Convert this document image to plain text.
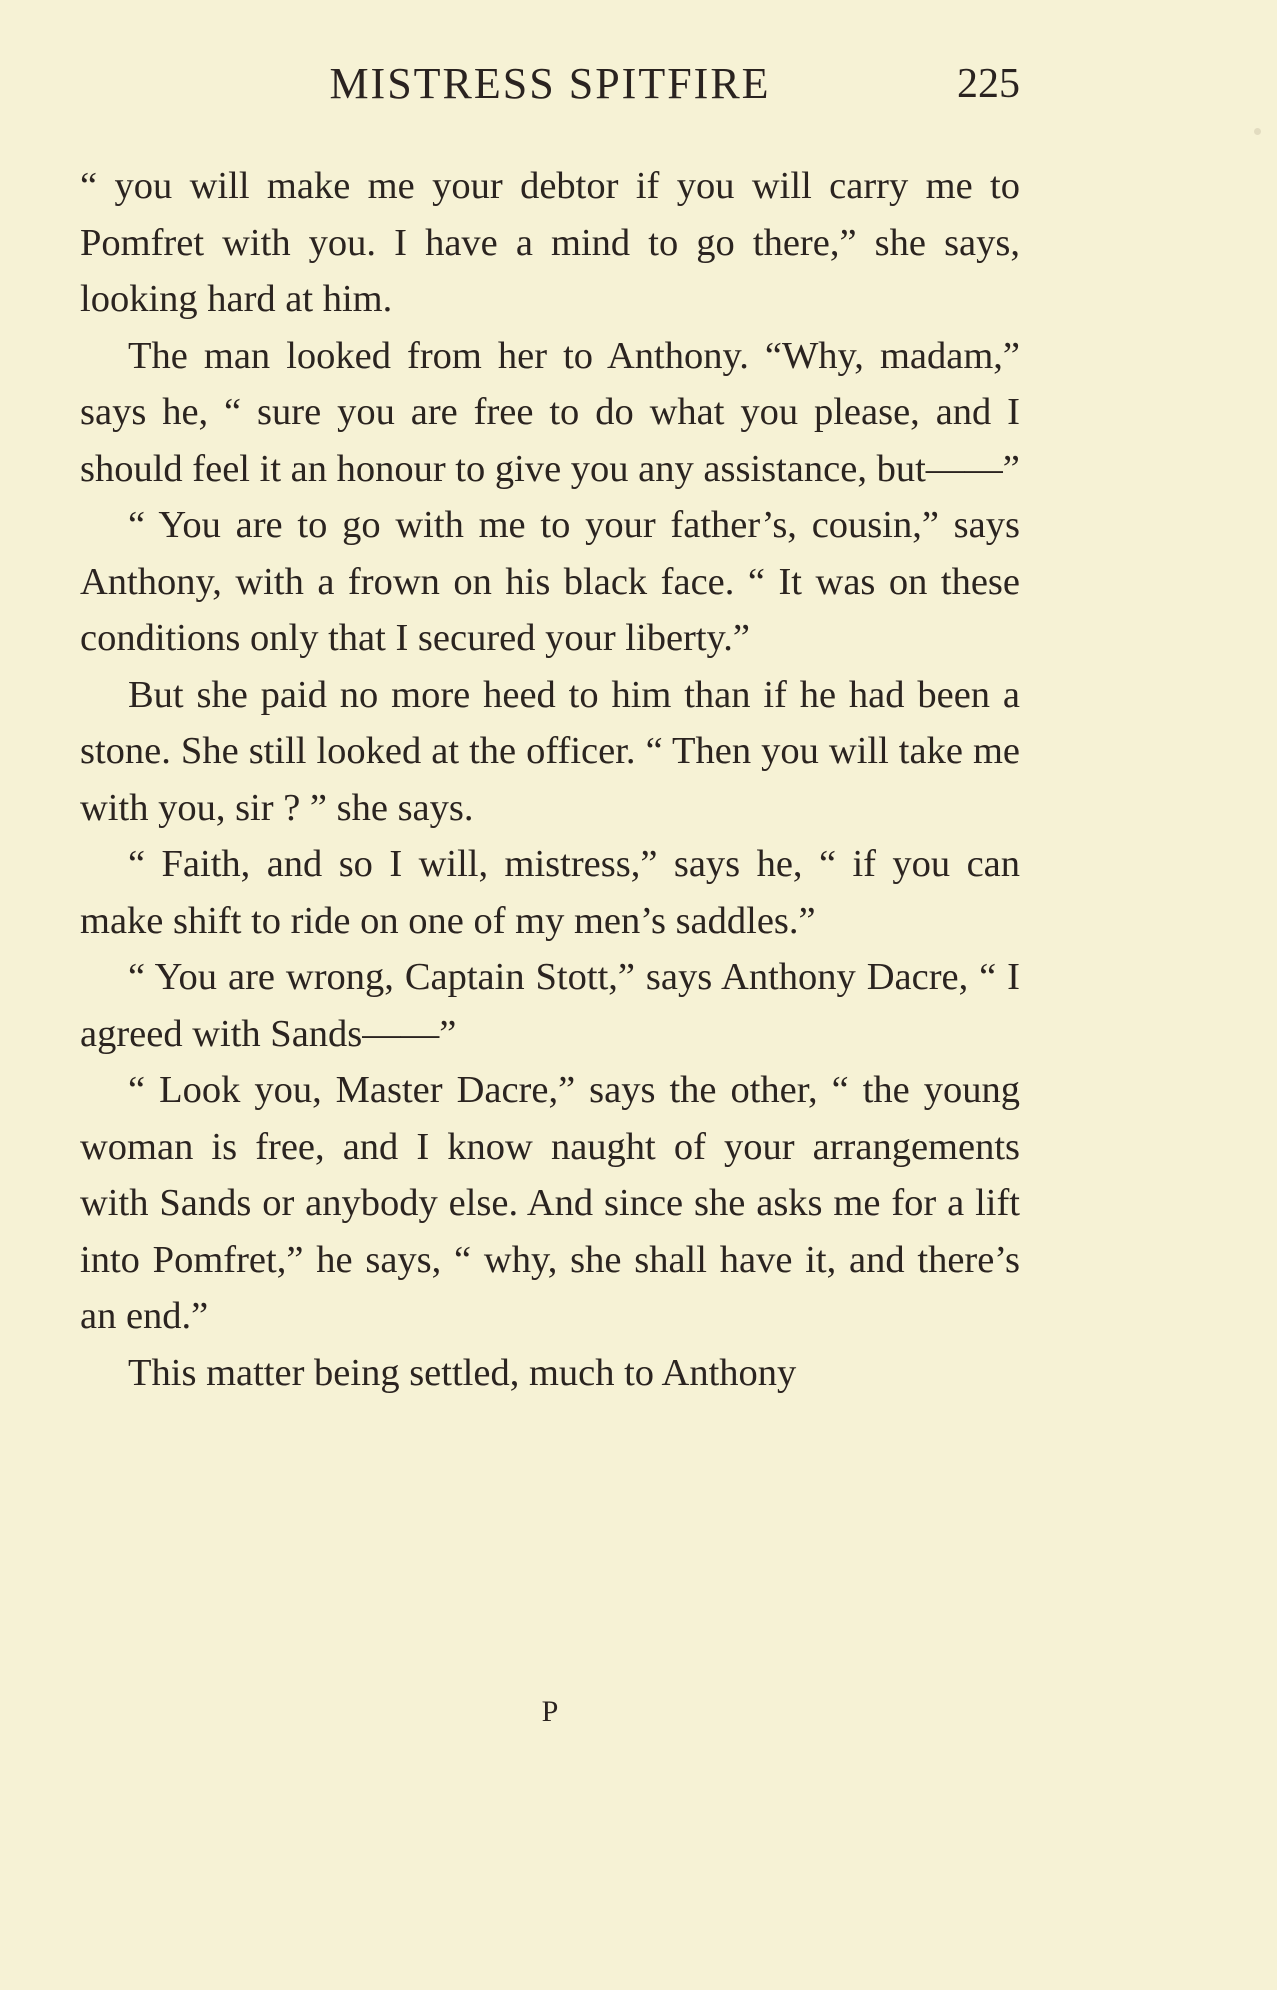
MISTRESS SPITFIRE	225

“ you will make me your debtor if you will carry me to Pomfret with you. I have a mind to go there,” she says, looking hard at him.

The man looked from her to Anthony. “Why, madam,” says he, “ sure you are free to do what you please, and I should feel it an honour to give you any assistance, but——”

“ You are to go with me to your father’s, cousin,” says Anthony, with a frown on his black face. “ It was on these conditions only that I secured your liberty.”

But she paid no more heed to him than if he had been a stone. She still looked at the officer. “ Then you will take me with you, sir ? ” she says.

“ Faith, and so I will, mistress,” says he, “ if you can make shift to ride on one of my men’s saddles.”

“ You are wrong, Captain Stott,” says Anthony Dacre, “ I agreed with Sands——”

“ Look you, Master Dacre,” says the other, “ the young woman is free, and I know naught of your arrangements with Sands or anybody else. And since she asks me for a lift into Pomfret,” he says, “ why, she shall have it, and there’s an end.”

This matter being settled, much to Anthony

P
